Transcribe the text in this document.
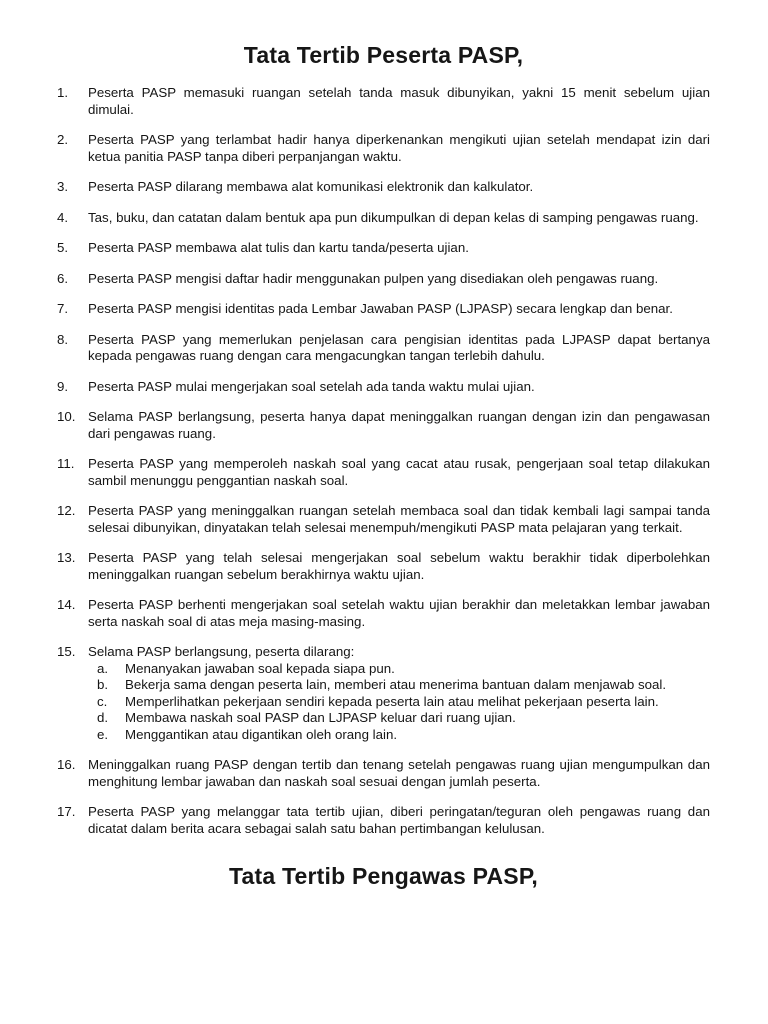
Tata Tertib Peserta PASP,
1.	Peserta PASP memasuki ruangan setelah tanda masuk dibunyikan, yakni 15 menit sebelum ujian dimulai.
2.	Peserta PASP yang terlambat hadir hanya diperkenankan mengikuti ujian setelah mendapat izin dari ketua panitia PASP tanpa diberi perpanjangan waktu.
3.	Peserta PASP dilarang membawa alat komunikasi elektronik dan kalkulator.
4.	Tas, buku, dan catatan dalam bentuk apa pun dikumpulkan di depan kelas di samping pengawas ruang.
5.	Peserta PASP membawa alat tulis dan kartu tanda/peserta ujian.
6.	Peserta PASP mengisi daftar hadir menggunakan pulpen yang disediakan oleh pengawas ruang.
7.	Peserta PASP mengisi identitas pada Lembar Jawaban PASP (LJPASP) secara lengkap dan benar.
8.	Peserta PASP yang memerlukan penjelasan cara pengisian identitas pada LJPASP dapat bertanya kepada pengawas ruang dengan cara mengacungkan tangan terlebih dahulu.
9.	Peserta PASP mulai mengerjakan soal setelah ada tanda waktu mulai ujian.
10. Selama PASP berlangsung, peserta hanya dapat meninggalkan ruangan dengan izin dan pengawasan dari pengawas ruang.
11.	Peserta PASP yang memperoleh naskah soal yang cacat atau rusak, pengerjaan soal tetap dilakukan sambil menunggu penggantian naskah soal.
12. Peserta PASP yang meninggalkan ruangan setelah membaca soal dan tidak kembali lagi sampai tanda selesai dibunyikan, dinyatakan telah selesai menempuh/mengikuti PASP mata pelajaran yang terkait.
13. Peserta PASP yang telah selesai mengerjakan soal sebelum waktu berakhir tidak diperbolehkan meninggalkan ruangan sebelum berakhirnya waktu ujian.
14. Peserta PASP berhenti mengerjakan soal setelah waktu ujian berakhir dan meletakkan lembar jawaban serta naskah soal di atas meja masing-masing.
15. Selama PASP berlangsung, peserta dilarang:
a.	Menanyakan jawaban soal kepada siapa pun.
b.	Bekerja sama dengan peserta lain, memberi atau menerima bantuan dalam menjawab soal.
c.	Memperlihatkan pekerjaan sendiri kepada peserta lain atau melihat pekerjaan peserta lain.
d.	Membawa naskah soal PASP dan LJPASP keluar dari ruang ujian.
e.	Menggantikan atau digantikan oleh orang lain.
16. Meninggalkan ruang PASP dengan tertib dan tenang setelah pengawas ruang ujian mengumpulkan dan menghitung lembar jawaban dan naskah soal sesuai dengan jumlah peserta.
17. Peserta PASP yang melanggar tata tertib ujian, diberi peringatan/teguran oleh pengawas ruang dan dicatat dalam berita acara sebagai salah satu bahan pertimbangan kelulusan.
Tata Tertib Pengawas PASP,
